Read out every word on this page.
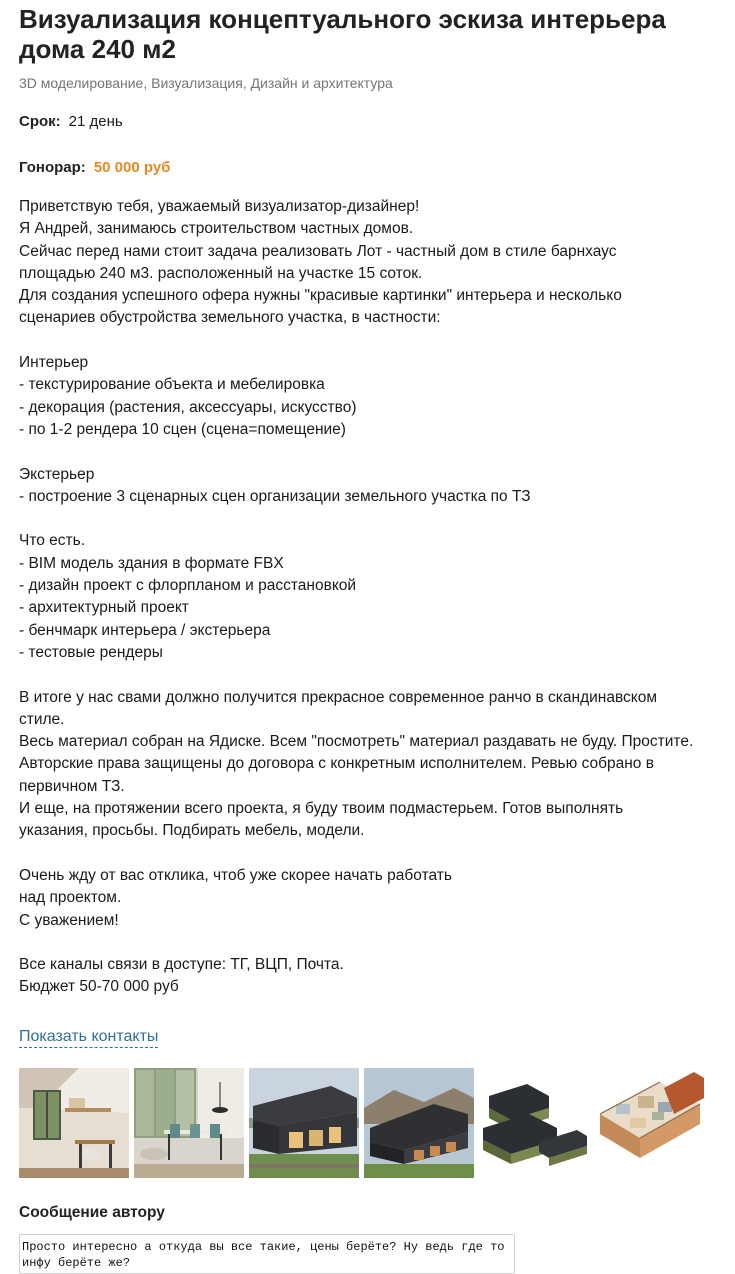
Визуализация концептуального эскиза интерьера дома 240 м2

3D моделирование, Визуализация, Дизайн и архитектура

Срок: 21 день

Гонорар: 50 000 руб

Приветствую тебя, уважаемый визуализатор-дизайнер!
Я Андрей, занимаюсь строительством частных домов.
Сейчас перед нами стоит задача реализовать Лот - частный дом в стиле барнхаус
площадью 240 м3. расположенный на участке 15 соток.
Для создания успешного офера нужны "красивые картинки" интерьера и несколько
сценариев обустройства земельного участка, в частности:
Интерьер
- текстурирование объекта и мебелировка
- декорация (растения, аксессуары, искусство)
- по 1-2 рендера 10 сцен (сцена=помещение)
Экстерьер
- построение 3 сценарных сцен организации земельного участка по ТЗ
Что есть.
- BIM модель здания в формате FBX
- дизайн проект с флорпланом и расстановкой
- архитектурный проект
- бенчмарк интерьера / экстерьера
- тестовые рендеры
В итоге у нас свами должно получится прекрасное современное ранчо в скандинавском
стиле.
Весь материал собран на Ядиске. Всем "посмотреть" материал раздавать не буду. Простите.
Авторские права защищены до договора с конкретным исполнителем. Ревью собрано в
первичном ТЗ.
И еще, на протяжении всего проекта, я буду твоим подмастерьем. Готов выполнять
указания, просьбы. Подбирать мебель, модели.
Очень жду от вас отклика, чтоб уже скорее начать работать
над проектом.
С уважением!
Все каналы связи в доступе: ТГ, ВЦП, Почта.
Бюджет 50-70 000 руб
Показать контакты
Сообщение автору
Просто интересно а откуда вы все такие, цены берёте? Ну ведь где то инфу берёте же?
